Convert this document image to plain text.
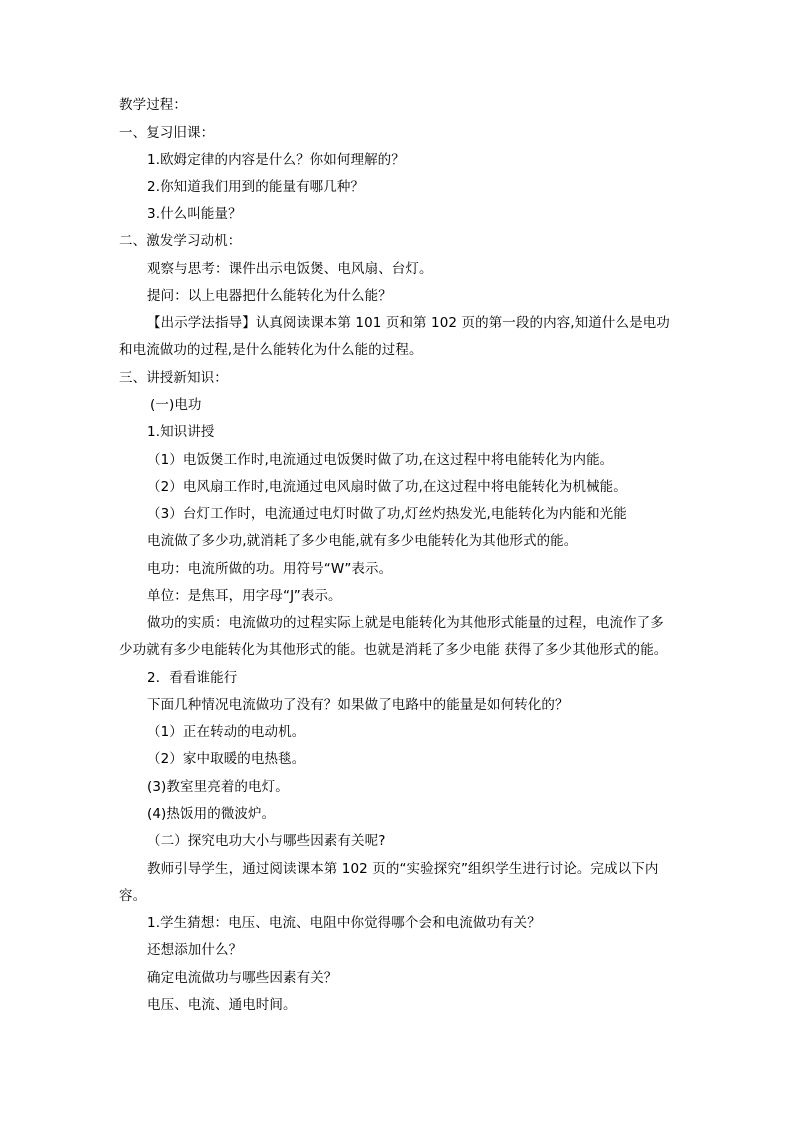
教学过程：
一、复习旧课：
1.欧姆定律的内容是什么？你如何理解的？
2.你知道我们用到的能量有哪几种？
3.什么叫能量？
二、激发学习动机：
观察与思考：课件出示电饭煲、电风扇、台灯。
提问：以上电器把什么能转化为什么能？
【出示学法指导】认真阅读课本第 101 页和第 102 页的第一段的内容,知道什么是电功
和电流做功的过程,是什么能转化为什么能的过程。
三、讲授新知识：
(一)电功
1.知识讲授
（1）电饭煲工作时,电流通过电饭煲时做了功,在这过程中将电能转化为内能。
（2）电风扇工作时,电流通过电风扇时做了功,在这过程中将电能转化为机械能。
（3）台灯工作时，电流通过电灯时做了功,灯丝灼热发光,电能转化为内能和光能
电流做了多少功,就消耗了多少电能,就有多少电能转化为其他形式的能。
电功：电流所做的功。用符号“W”表示。
单位：是焦耳，用字母“J”表示。
做功的实质：电流做功的过程实际上就是电能转化为其他形式能量的过程，电流作了多
少功就有多少电能转化为其他形式的能。也就是消耗了多少电能 获得了多少其他形式的能。
2．看看谁能行
下面几种情况电流做功了没有？如果做了电路中的能量是如何转化的？
（1）正在转动的电动机。
（2）家中取暖的电热毯。
(3)教室里亮着的电灯。
(4)热饭用的微波炉。
（二）探究电功大小与哪些因素有关呢?
教师引导学生，通过阅读课本第 102 页的“实验探究”组织学生进行讨论。完成以下内
容。
1.学生猜想：电压、电流、电阻中你觉得哪个会和电流做功有关？
还想添加什么？
确定电流做功与哪些因素有关？
电压、电流、通电时间。
